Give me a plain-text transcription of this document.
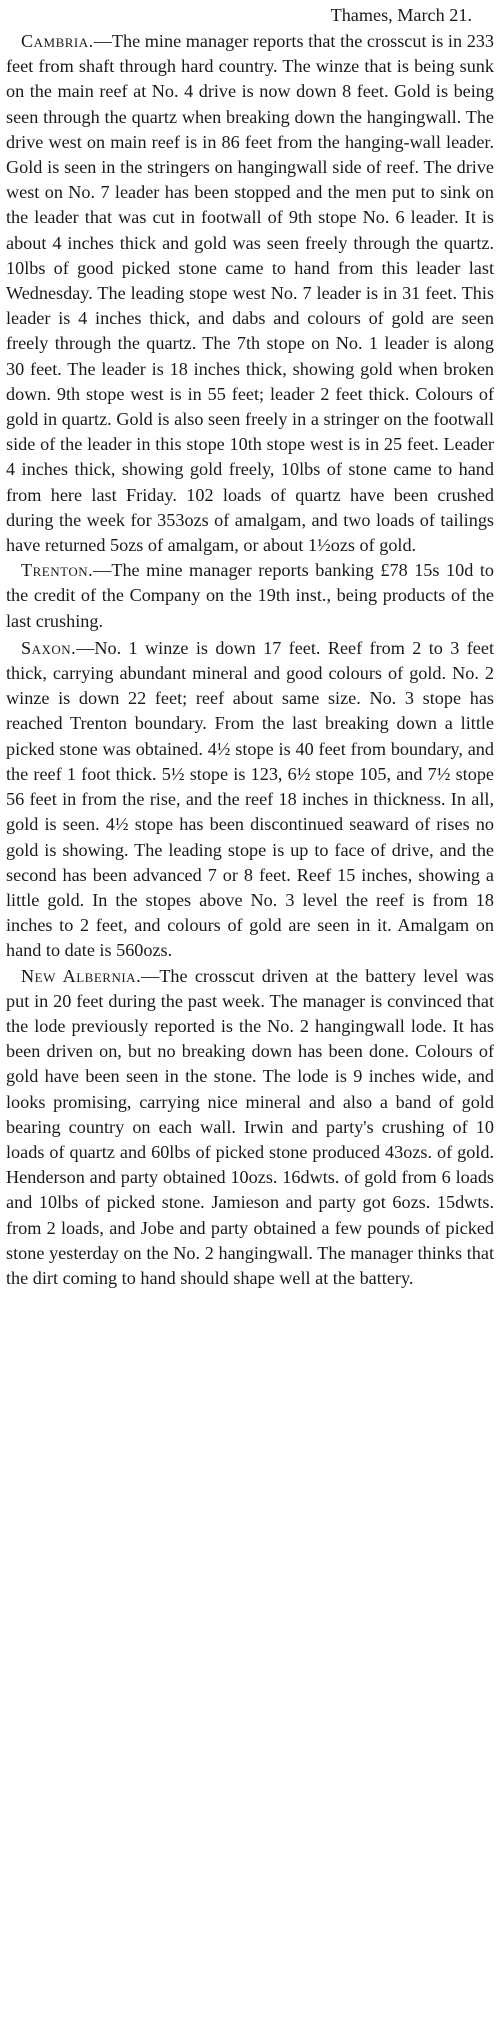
Thames, March 21.

Cambria.—The mine manager reports that the crosscut is in 233 feet from shaft through hard country. The winze that is being sunk on the main reef at No. 4 drive is now down 8 feet. Gold is being seen through the quartz when breaking down the hangingwall. The drive west on main reef is in 86 feet from the hanging-wall leader. Gold is seen in the stringers on hangingwall side of reef. The drive west on No. 7 leader has been stopped and the men put to sink on the leader that was cut in footwall of 9th stope No. 6 leader. It is about 4 inches thick and gold was seen freely through the quartz. 10lbs of good picked stone came to hand from this leader last Wednesday. The leading stope west No. 7 leader is in 31 feet. This leader is 4 inches thick, and dabs and colours of gold are seen freely through the quartz. The 7th stope on No. 1 leader is along 30 feet. The leader is 18 inches thick, showing gold when broken down. 9th stope west is in 55 feet; leader 2 feet thick. Colours of gold in quartz. Gold is also seen freely in a stringer on the footwall side of the leader in this stope 10th stope west is in 25 feet. Leader 4 inches thick, showing gold freely, 10lbs of stone came to hand from here last Friday. 102 loads of quartz have been crushed during the week for 353ozs of amalgam, and two loads of tailings have returned 5ozs of amalgam, or about 1½ozs of gold.

Trenton.—The mine manager reports banking £78 15s 10d to the credit of the Company on the 19th inst., being products of the last crushing.

Saxon.—No. 1 winze is down 17 feet. Reef from 2 to 3 feet thick, carrying abundant mineral and good colours of gold. No. 2 winze is down 22 feet; reef about same size. No. 3 stope has reached Trenton boundary. From the last breaking down a little picked stone was obtained. 4½ stope is 40 feet from boundary, and the reef 1 foot thick. 5½ stope is 123, 6½ stope 105, and 7½ stope 56 feet in from the rise, and the reef 18 inches in thickness. In all, gold is seen. 4½ stope has been discontinued seaward of rises no gold is showing. The leading stope is up to face of drive, and the second has been advanced 7 or 8 feet. Reef 15 inches, showing a little gold. In the stopes above No. 3 level the reef is from 18 inches to 2 feet, and colours of gold are seen in it. Amalgam on hand to date is 560ozs.

New Albernia.—The crosscut driven at the battery level was put in 20 feet during the past week. The manager is convinced that the lode previously reported is the No. 2 hangingwall lode. It has been driven on, but no breaking down has been done. Colours of gold have been seen in the stone. The lode is 9 inches wide, and looks promising, carrying nice mineral and also a band of gold bearing country on each wall. Irwin and party's crushing of 10 loads of quartz and 60lbs of picked stone produced 43ozs. of gold. Henderson and party obtained 10ozs. 16dwts. of gold from 6 loads and 10lbs of picked stone. Jamieson and party got 6ozs. 15dwts. from 2 loads, and Jobe and party obtained a few pounds of picked stone yesterday on the No. 2 hangingwall. The manager thinks that the dirt coming to hand should shape well at the battery.
